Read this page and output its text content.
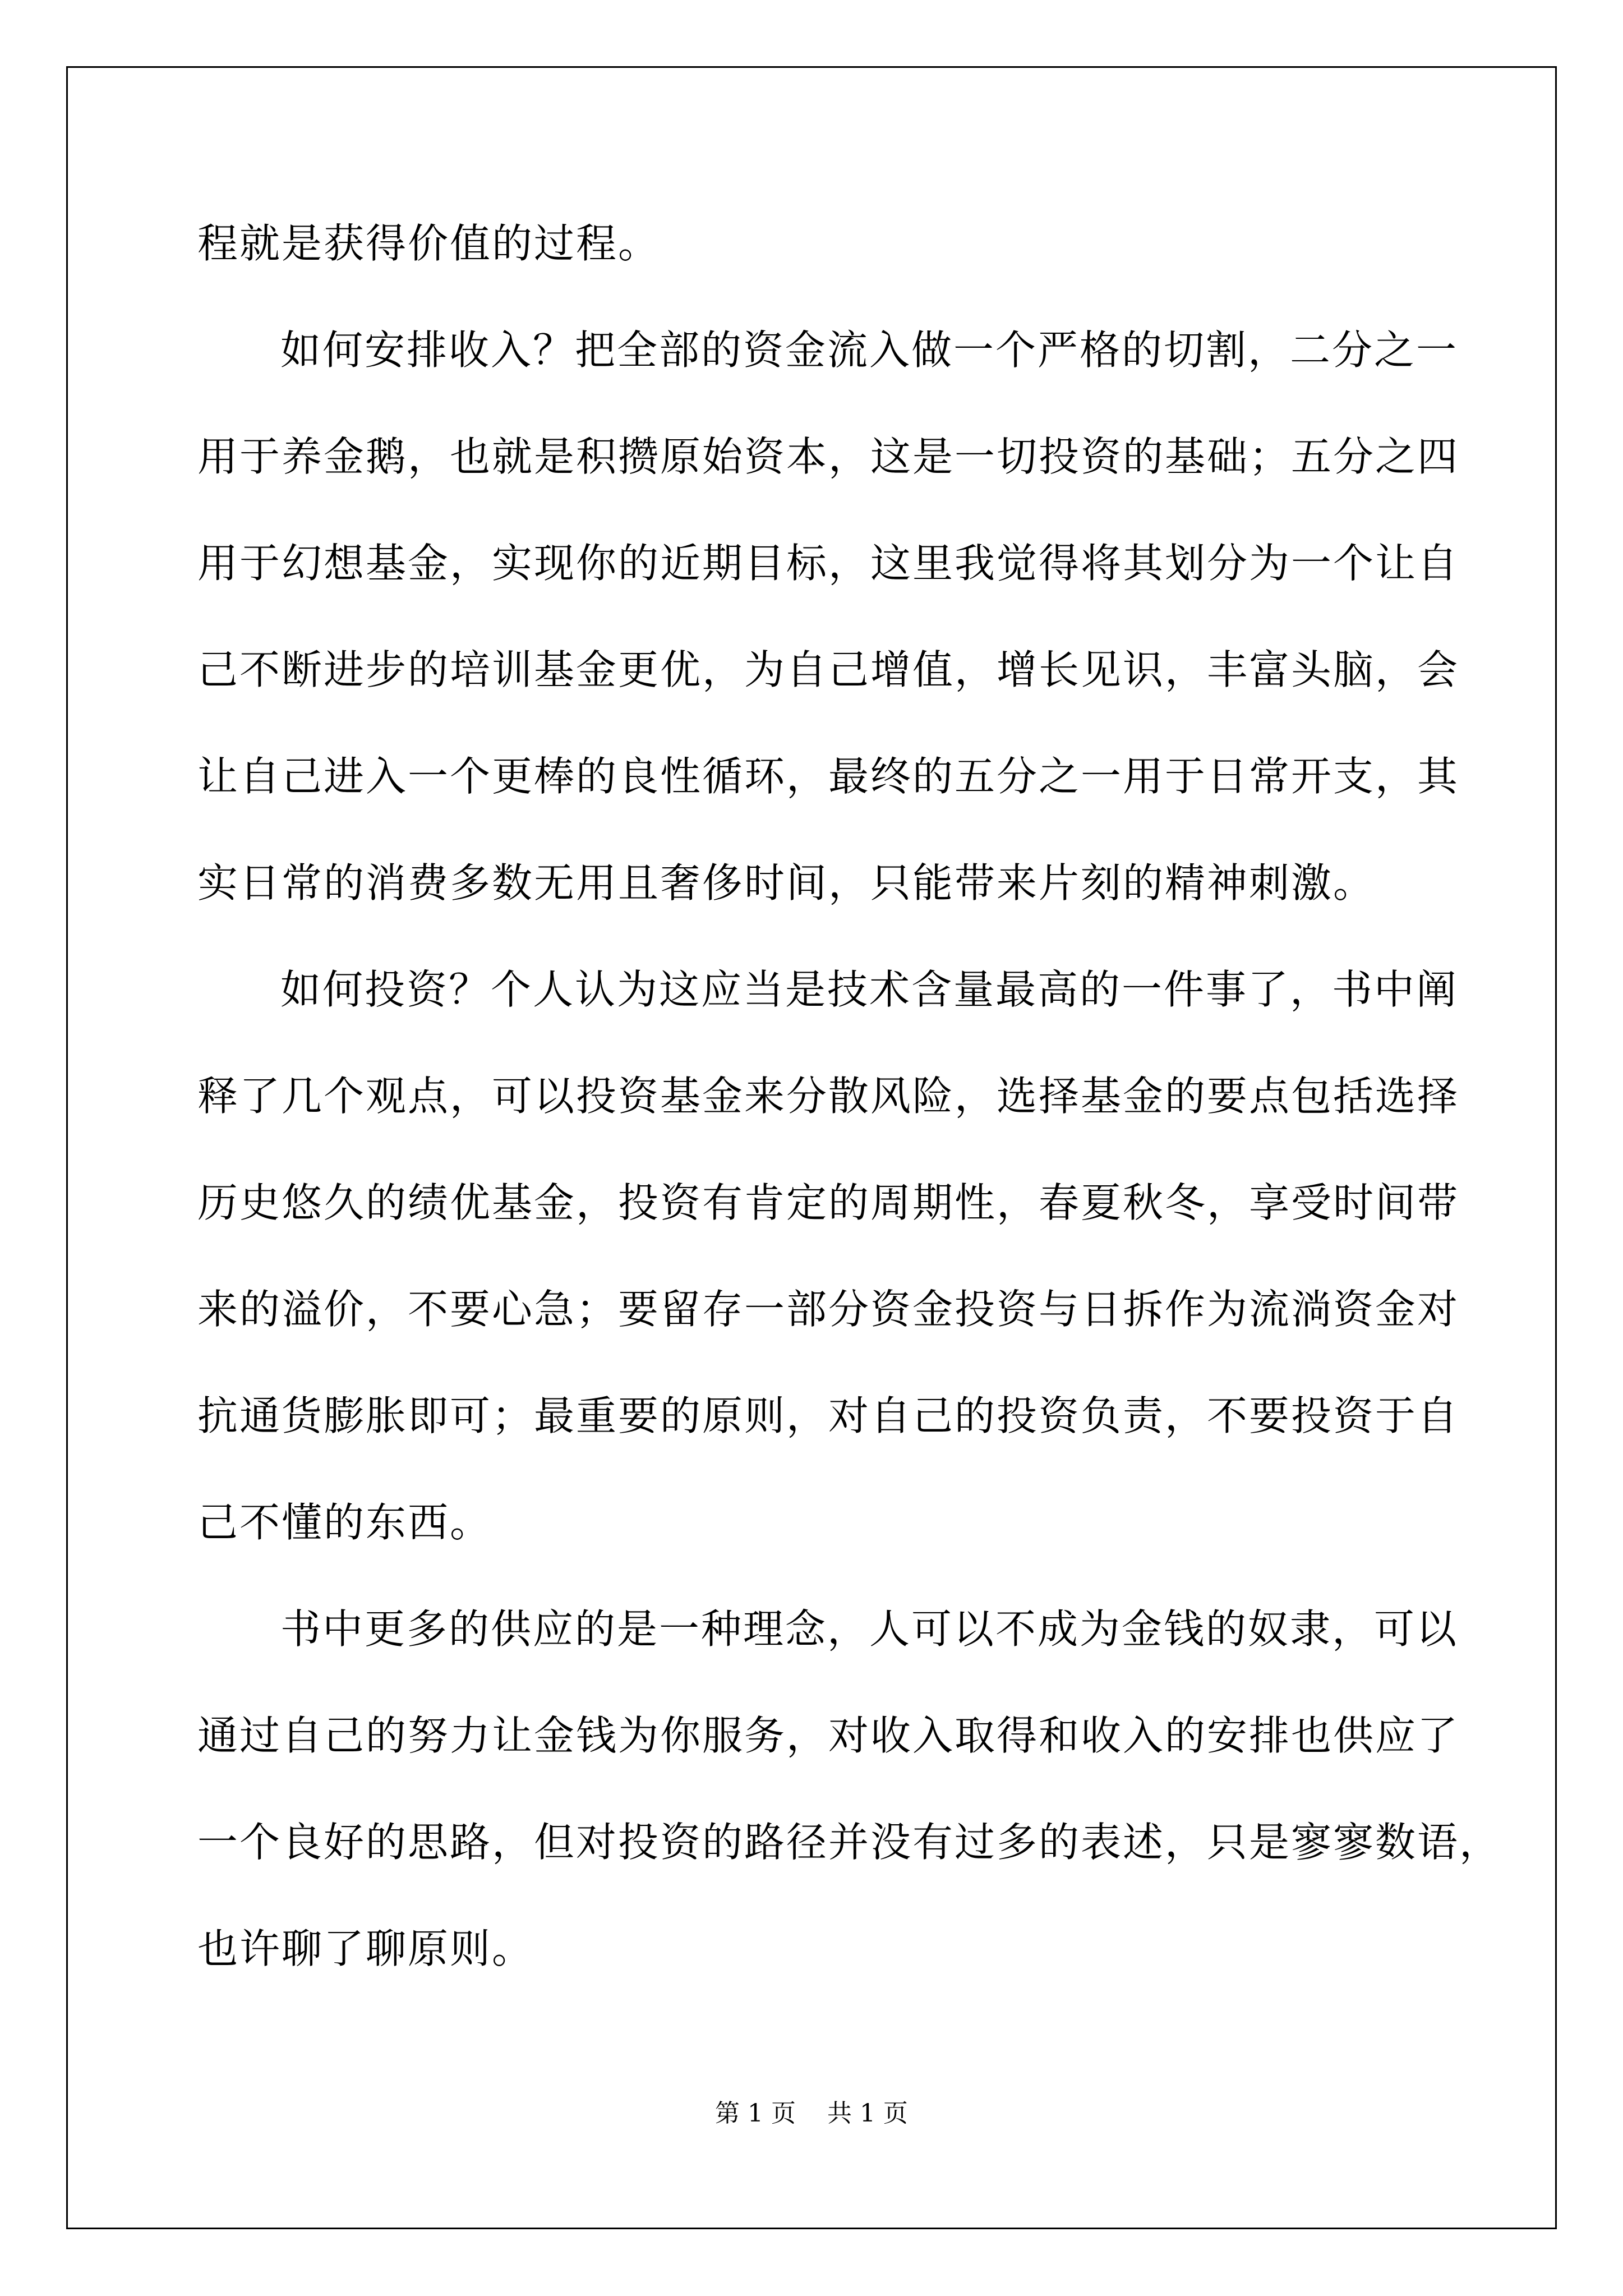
程就是获得价值的过程。
如何安排收入？把全部的资金流入做一个严格的切割，二分之一
用于养金鹅，也就是积攒原始资本，这是一切投资的基础；五分之四
用于幻想基金，实现你的近期目标，这里我觉得将其划分为一个让自
己不断进步的培训基金更优，为自己增值，增长见识，丰富头脑，会
让自己进入一个更棒的良性循环，最终的五分之一用于日常开支，其
实日常的消费多数无用且奢侈时间，只能带来片刻的精神刺激。
如何投资？个人认为这应当是技术含量最高的一件事了，书中阐
释了几个观点，可以投资基金来分散风险，选择基金的要点包括选择
历史悠久的绩优基金，投资有肯定的周期性，春夏秋冬，享受时间带
来的溢价，不要心急；要留存一部分资金投资与日拆作为流淌资金对
抗通货膨胀即可；最重要的原则，对自己的投资负责，不要投资于自
己不懂的东西。
书中更多的供应的是一种理念，人可以不成为金钱的奴隶，可以
通过自己的努力让金钱为你服务，对收入取得和收入的安排也供应了
一个良好的思路，但对投资的路径并没有过多的表述，只是寥寥数语，
也许聊了聊原则。
第 1 页    共 1 页
